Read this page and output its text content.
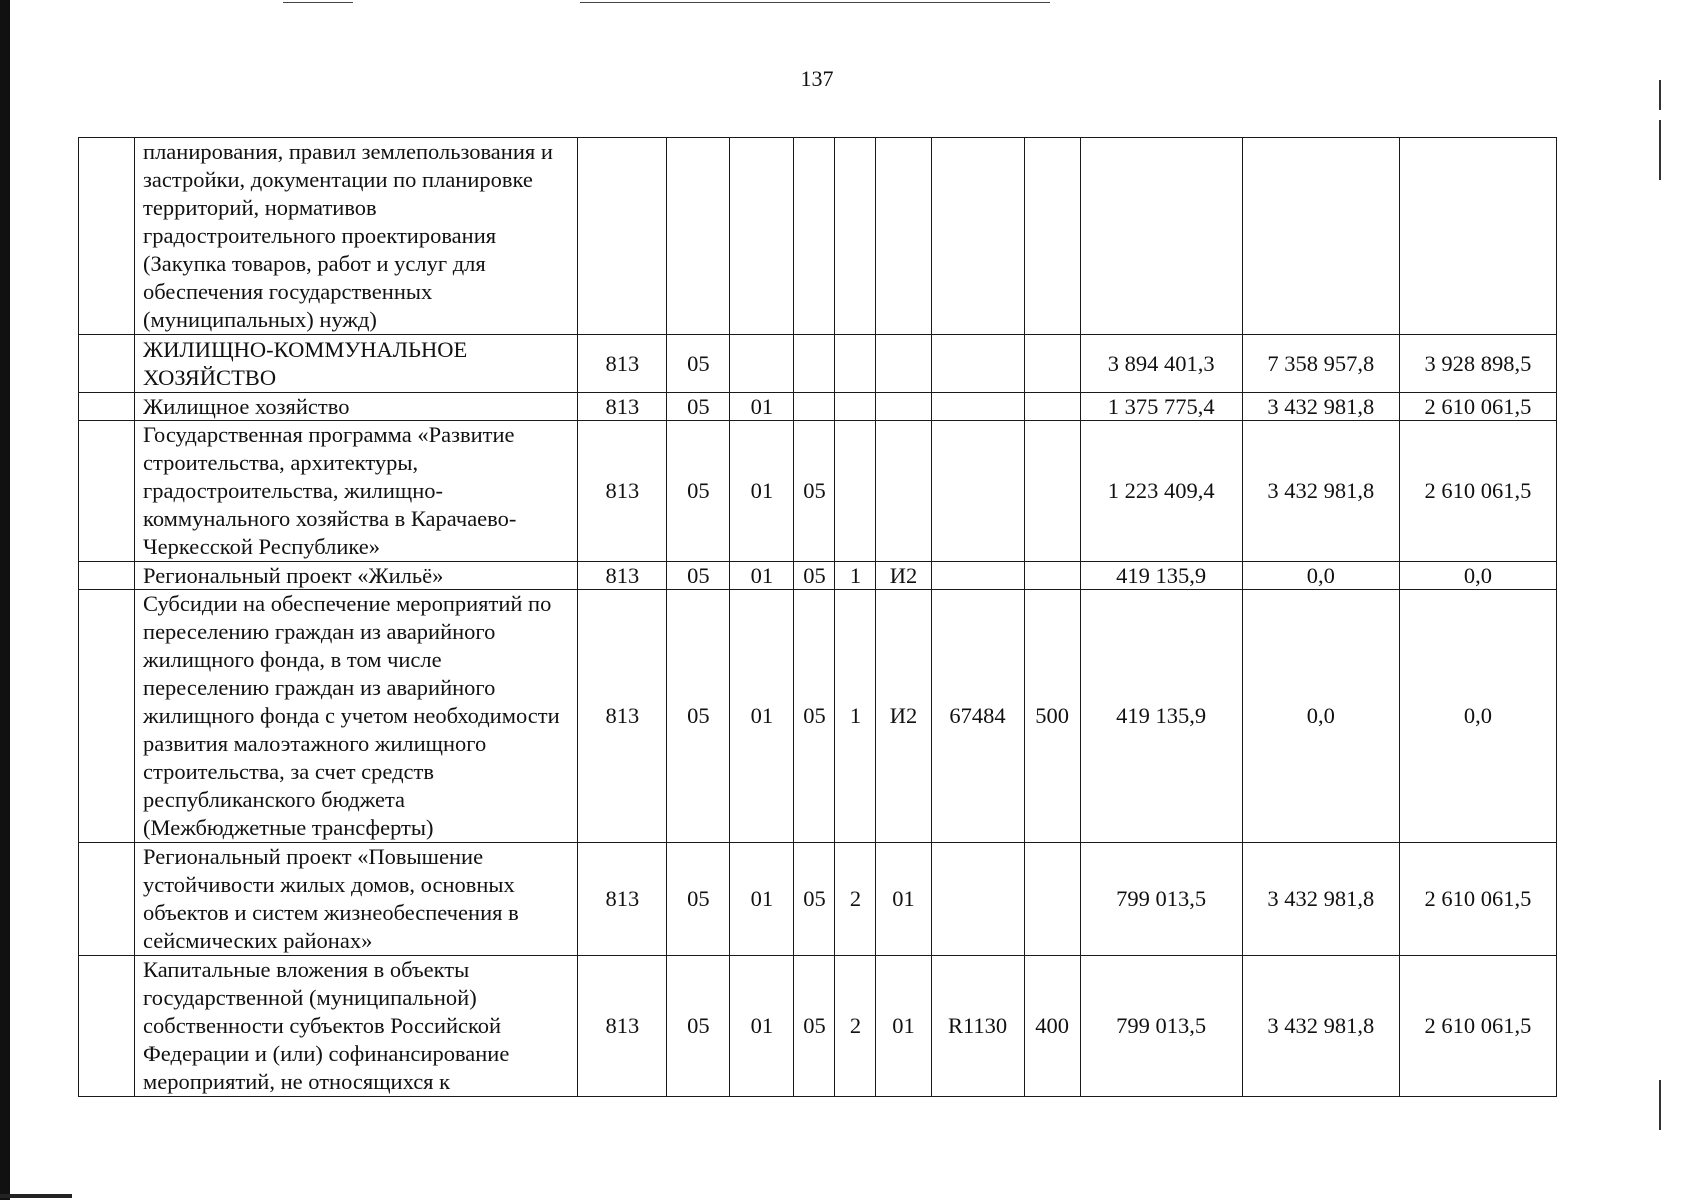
137
	планирования, правил землепользования и застройки, документации по планировке территорий, нормативов градостроительного проектирования (Закупка товаров, работ и услуг для обеспечения государственных (муниципальных) нужд)											
	ЖИЛИЩНО-КОММУНАЛЬНОЕ ХОЗЯЙСТВО	813	05							3 894 401,3	7 358 957,8	3 928 898,5
	Жилищное хозяйство	813	05	01						1 375 775,4	3 432 981,8	2 610 061,5
	Государственная программа «Развитие строительства, архитектуры, градостроительства, жилищно-коммунального хозяйства в Карачаево-Черкесской Республике»	813	05	01	05					1 223 409,4	3 432 981,8	2 610 061,5
	Региональный проект «Жильё»	813	05	01	05	1	И2			419 135,9	0,0	0,0
	Субсидии на обеспечение мероприятий по переселению граждан из аварийного жилищного фонда, в том числе переселению граждан из аварийного жилищного фонда с учетом необходимости развития малоэтажного жилищного строительства, за счет средств республиканского бюджета (Межбюджетные трансферты)	813	05	01	05	1	И2	67484	500	419 135,9	0,0	0,0
	Региональный проект «Повышение устойчивости жилых домов, основных объектов и систем жизнеобеспечения в сейсмических районах»	813	05	01	05	2	01			799 013,5	3 432 981,8	2 610 061,5
	Капитальные вложения в объекты государственной (муниципальной) собственности субъектов Российской Федерации и (или) софинансирование мероприятий, не относящихся к	813	05	01	05	2	01	R1130	400	799 013,5	3 432 981,8	2 610 061,5
